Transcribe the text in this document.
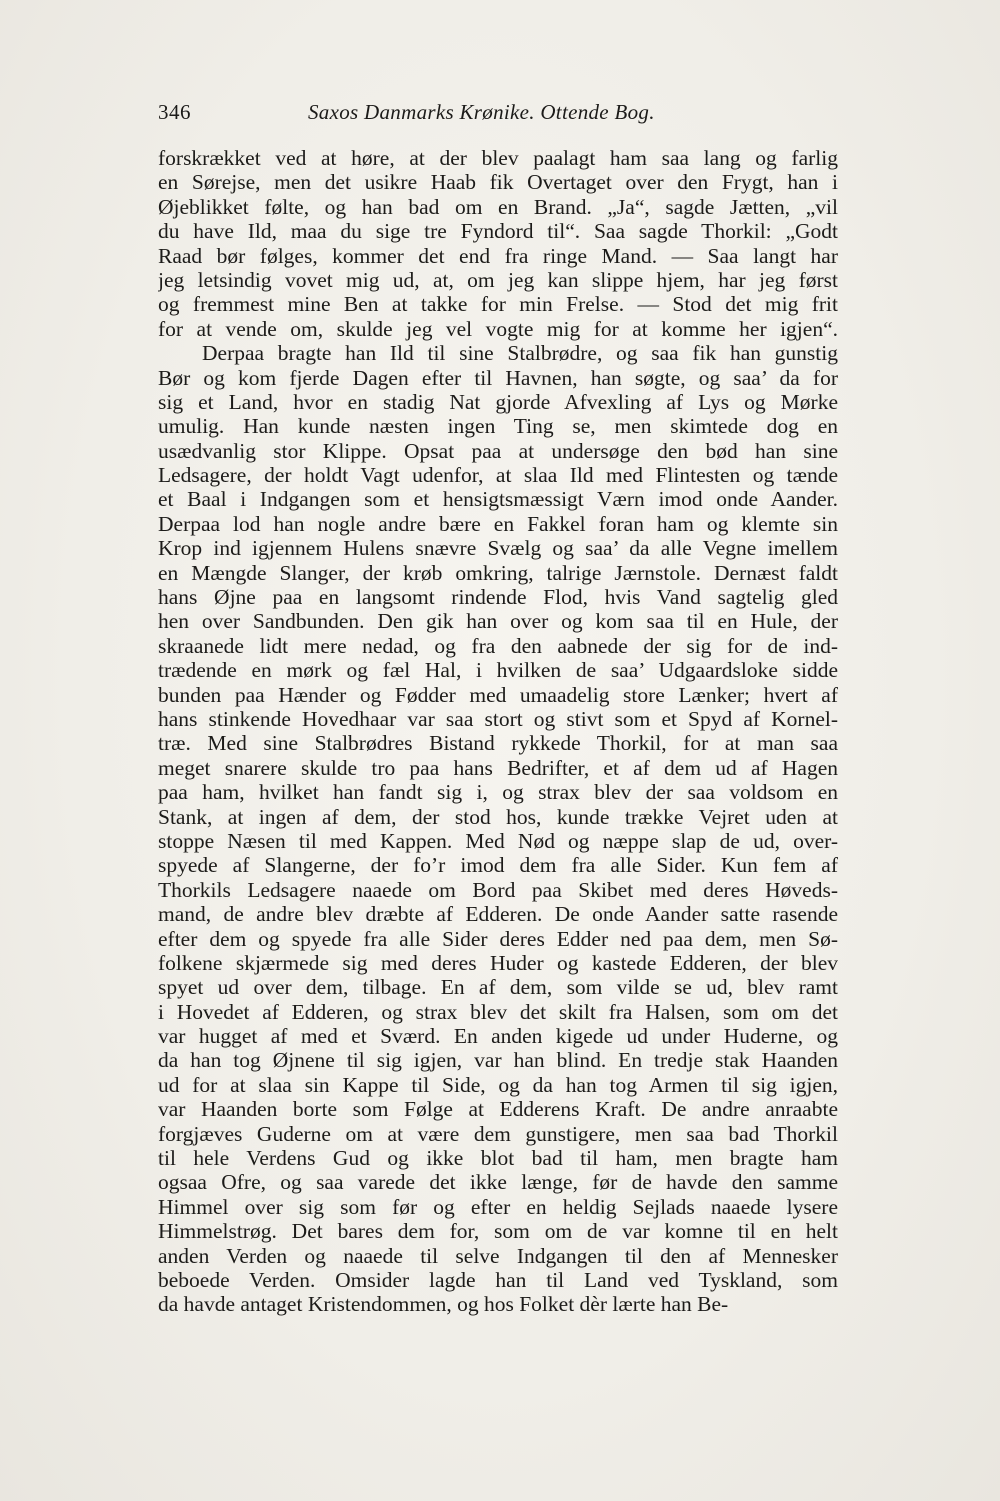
346	Saxos Danmarks Krønike. Ottende Bog.
forskrækket ved at høre, at der blev paalagt ham saa lang og farlig
en Sørejse, men det usikre Haab fik Overtaget over den Frygt, han i
Øjeblikket følte, og han bad om en Brand. „Ja“, sagde Jætten, „vil
du have Ild, maa du sige tre Fyndord til“. Saa sagde Thorkil: „Godt
Raad bør følges, kommer det end fra ringe Mand. — Saa langt har
jeg letsindig vovet mig ud, at, om jeg kan slippe hjem, har jeg først
og fremmest mine Ben at takke for min Frelse. — Stod det mig frit
for at vende om, skulde jeg vel vogte mig for at komme her igjen“.
Derpaa bragte han Ild til sine Stalbrødre, og saa fik han gunstig
Bør og kom fjerde Dagen efter til Havnen, han søgte, og saa’ da for
sig et Land, hvor en stadig Nat gjorde Afvexling af Lys og Mørke
umulig. Han kunde næsten ingen Ting se, men skimtede dog en
usædvanlig stor Klippe. Opsat paa at undersøge den bød han sine
Ledsagere, der holdt Vagt udenfor, at slaa Ild med Flintesten og tænde
et Baal i Indgangen som et hensigtsmæssigt Værn imod onde Aander.
Derpaa lod han nogle andre bære en Fakkel foran ham og klemte sin
Krop ind igjennem Hulens snævre Svælg og saa’ da alle Vegne imellem
en Mængde Slanger, der krøb omkring, talrige Jærnstole. Dernæst faldt
hans Øjne paa en langsomt rindende Flod, hvis Vand sagtelig gled
hen over Sandbunden. Den gik han over og kom saa til en Hule, der
skraanede lidt mere nedad, og fra den aabnede der sig for de ind-
trædende en mørk og fæl Hal, i hvilken de saa’ Udgaardsloke sidde
bunden paa Hænder og Fødder med umaadelig store Lænker; hvert af
hans stinkende Hovedhaar var saa stort og stivt som et Spyd af Kornel-
træ. Med sine Stalbrødres Bistand rykkede Thorkil, for at man saa
meget snarere skulde tro paa hans Bedrifter, et af dem ud af Hagen
paa ham, hvilket han fandt sig i, og strax blev der saa voldsom en
Stank, at ingen af dem, der stod hos, kunde trække Vejret uden at
stoppe Næsen til med Kappen. Med Nød og næppe slap de ud, over-
spyede af Slangerne, der fo’r imod dem fra alle Sider. Kun fem af
Thorkils Ledsagere naaede om Bord paa Skibet med deres Høveds-
mand, de andre blev dræbte af Edderen. De onde Aander satte rasende
efter dem og spyede fra alle Sider deres Edder ned paa dem, men Sø-
folkene skjærmede sig med deres Huder og kastede Edderen, der blev
spyet ud over dem, tilbage. En af dem, som vilde se ud, blev ramt
i Hovedet af Edderen, og strax blev det skilt fra Halsen, som om det
var hugget af med et Sværd. En anden kigede ud under Huderne, og
da han tog Øjnene til sig igjen, var han blind. En tredje stak Haanden
ud for at slaa sin Kappe til Side, og da han tog Armen til sig igjen,
var Haanden borte som Følge at Edderens Kraft. De andre anraabte
forgjæves Guderne om at være dem gunstigere, men saa bad Thorkil
til hele Verdens Gud og ikke blot bad til ham, men bragte ham
ogsaa Ofre, og saa varede det ikke længe, før de havde den samme
Himmel over sig som før og efter en heldig Sejlads naaede lysere
Himmelstrøg. Det bares dem for, som om de var komne til en helt
anden Verden og naaede til selve Indgangen til den af Mennesker
beboede Verden. Omsider lagde han til Land ved Tyskland, som
da havde antaget Kristendommen, og hos Folket dèr lærte han Be-
